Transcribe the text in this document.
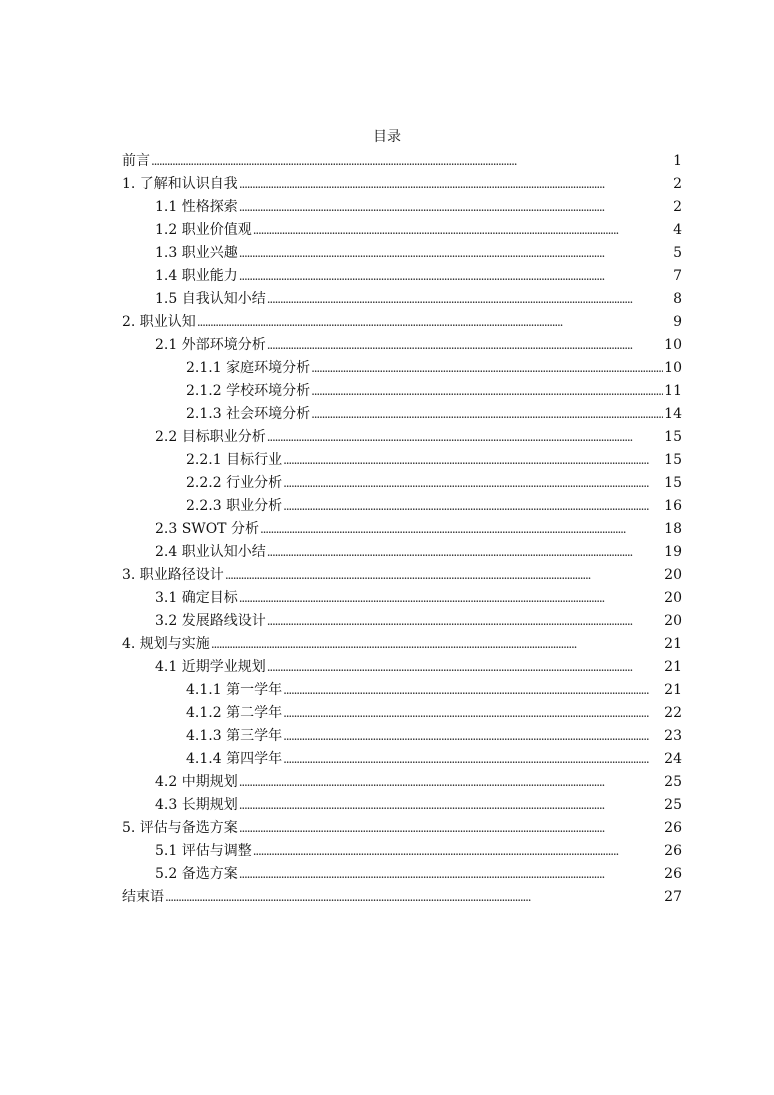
目录
前言 . . .	1
1. 了解和认识自我 . . .	2
1.1 性格探索 . . .	2
1.2 职业价值观 . . .	4
1.3 职业兴趣 . . .	5
1.4 职业能力 . . .	7
1.5 自我认知小结 . . .	8
2. 职业认知 . . .	9
2.1 外部环境分析 . . .	10
2.1.1 家庭环境分析 . . .	10
2.1.2 学校环境分析 . . .	11
2.1.3 社会环境分析 . . .	14
2.2 目标职业分析 . . .	15
2.2.1 目标行业 . . .	15
2.2.2 行业分析 . . .	15
2.2.3 职业分析 . . .	16
2.3 SWOT 分析 . . .	18
2.4 职业认知小结 . . .	19
3. 职业路径设计 . . .	20
3.1 确定目标 . . .	20
3.2 发展路线设计 . . .	20
4. 规划与实施 . . .	21
4.1 近期学业规划 . . .	21
4.1.1 第一学年 . . .	21
4.1.2 第二学年 . . .	22
4.1.3 第三学年 . . .	23
4.1.4 第四学年 . . .	24
4.2 中期规划 . . .	25
4.3 长期规划 . . .	25
5. 评估与备选方案 . . .	26
5.1 评估与调整 . . .	26
5.2 备选方案 . . .	26
结束语 . . .	27
